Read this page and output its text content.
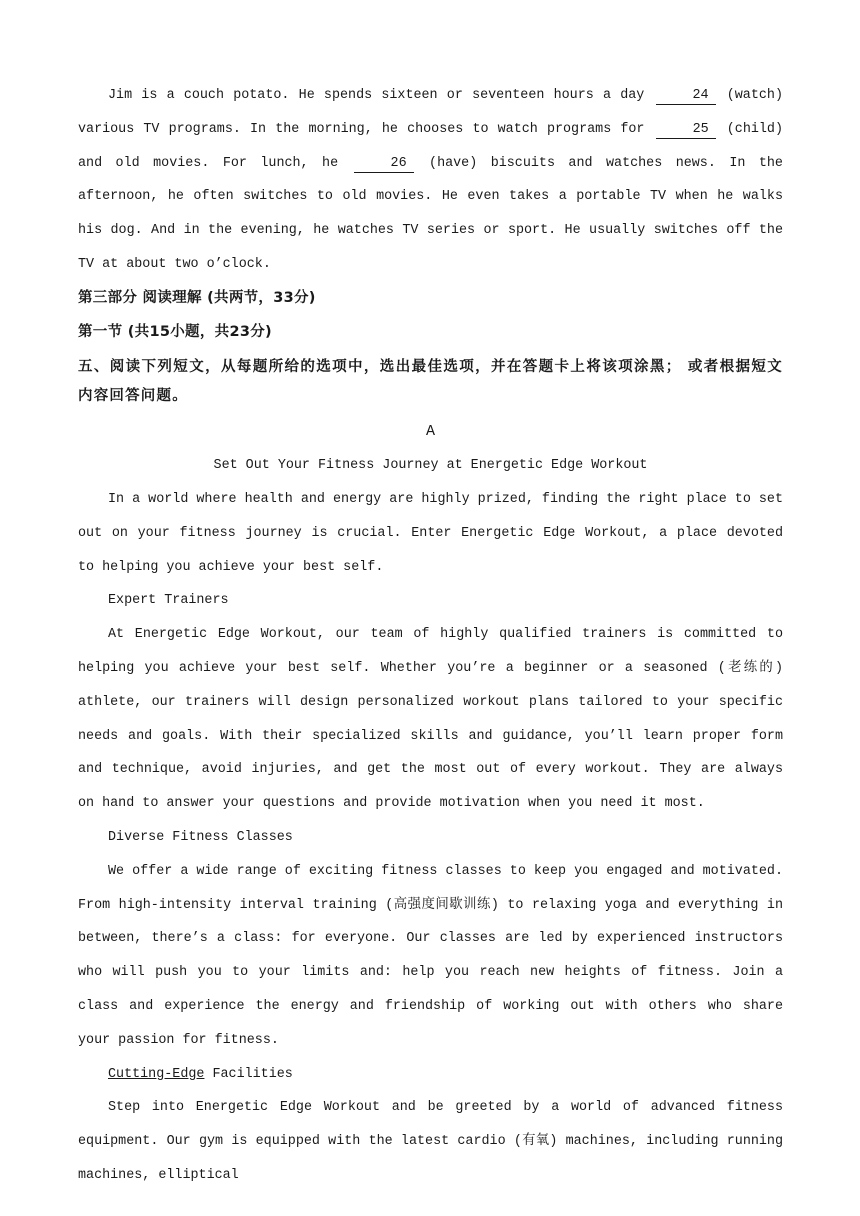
Jim is a couch potato. He spends sixteen or seventeen hours a day	24 (watch) various TV programs. In the morning, he chooses to watch programs for	25 (child) and old movies. For lunch, he	26 (have) biscuits and watches news. In the afternoon, he often switches to old movies. He even takes a portable TV when he walks his dog. And in the evening, he watches TV series or sport. He usually switches off the TV at about two o’clock.
第三部分 阅读理解 (共两节，33分)
第一节 (共15小题，共23分)
五、阅读下列短文，从每题所给的选项中，选出最佳选项，并在答题卡上将该项涂黑； 或者根据短文内容回答问题。
A
Set Out Your Fitness Journey at Energetic Edge Workout
In a world where health and energy are highly prized, finding the right place to set out on your fitness journey is crucial. Enter Energetic Edge Workout, a place devoted to helping you achieve your best self.
Expert Trainers
At Energetic Edge Workout, our team of highly qualified trainers is committed to helping you achieve your best self. Whether you’re a beginner or a seasoned (老练的) athlete, our trainers will design personalized workout plans tailored to your specific needs and goals. With their specialized skills and guidance, you’ll learn proper form and technique, avoid injuries, and get the most out of every workout. They are always on hand to answer your questions and provide motivation when you need it most.
Diverse Fitness Classes
We offer a wide range of exciting fitness classes to keep you engaged and motivated. From high-intensity interval training (高强度间歇训练) to relaxing yoga and everything in between, there’s a class: for everyone. Our classes are led by experienced instructors who will push you to your limits and: help you reach new heights of fitness. Join a class and experience the energy and friendship of working out with others who share your passion for fitness.
Cutting-Edge Facilities
Step into Energetic Edge Workout and be greeted by a world of advanced fitness equipment. Our gym is equipped with the latest cardio (有氧) machines, including running machines, elliptical
